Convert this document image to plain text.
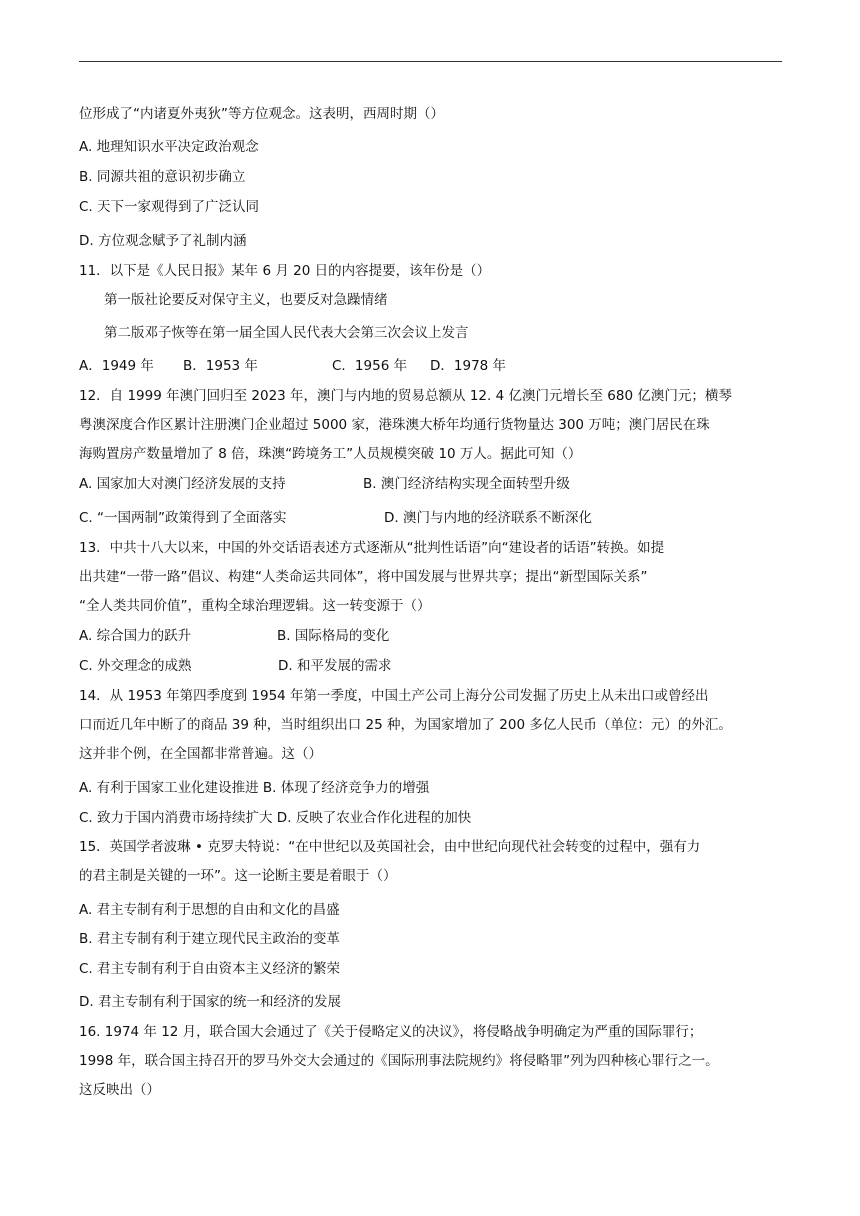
位形成了“内诸夏外夷狄”等方位观念。这表明，西周时期（）
A. 地理知识水平决定政治观念
B. 同源共祖的意识初步确立
C. 天下一家观得到了广泛认同
D. 方位观念赋予了礼制内涵
11．以下是《人民日报》某年 6 月 20 日的内容提要，该年份是（）
第一版社论要反对保守主义，也要反对急躁情绪
第二版邓子恢等在第一届全国人民代表大会第三次会议上发言
A．1949 年 B．1953 年	C．1956 年 D．1978 年
12．自 1999 年澳门回归至 2023 年，澳门与内地的贸易总额从 12. 4 亿澳门元增长至 680 亿澳门元；横琴
粤澳深度合作区累计注册澳门企业超过 5000 家，港珠澳大桥年均通行货物量达 300 万吨；澳门居民在珠
海购置房产数量增加了 8 倍，珠澳“跨境务工”人员规模突破 10 万人。据此可知（）
A. 国家加大对澳门经济发展的支持	B. 澳门经济结构实现全面转型升级
C. “一国两制”政策得到了全面落实	D. 澳门与内地的经济联系不断深化
13．中共十八大以来，中国的外交话语表述方式逐渐从“批判性话语”向“建设者的话语”转换。如提
出共建“一带一路”倡议、构建“人类命运共同体”，将中国发展与世界共享；提出“新型国际关系”
“全人类共同价值”，重构全球治理逻辑。这一转变源于（）
A. 综合国力的跃升	B. 国际格局的变化
C. 外交理念的成熟	D. 和平发展的需求
14．从 1953 年第四季度到 1954 年第一季度，中国土产公司上海分公司发掘了历史上从未出口或曾经出
口而近几年中断了的商品 39 种，当时组织出口 25 种，为国家增加了 200 多亿人民币（单位：元）的外汇。
这并非个例，在全国都非常普遍。这（）
A. 有利于国家工业化建设推进 B. 体现了经济竞争力的增强
C. 致力于国内消费市场持续扩大 D. 反映了农业合作化进程的加快
15．英国学者波琳 • 克罗夫特说：“在中世纪以及英国社会，由中世纪向现代社会转变的过程中，强有力
的君主制是关键的一环”。这一论断主要是着眼于（）
A. 君主专制有利于思想的自由和文化的昌盛
B. 君主专制有利于建立现代民主政治的变革
C. 君主专制有利于自由资本主义经济的繁荣
D. 君主专制有利于国家的统一和经济的发展
16. 1974 年 12 月，联合国大会通过了《关于侵略定义的决议》，将侵略战争明确定为严重的国际罪行；
1998 年，联合国主持召开的罗马外交大会通过的《国际刑事法院规约》将侵略罪”列为四种核心罪行之一。
这反映出（）
